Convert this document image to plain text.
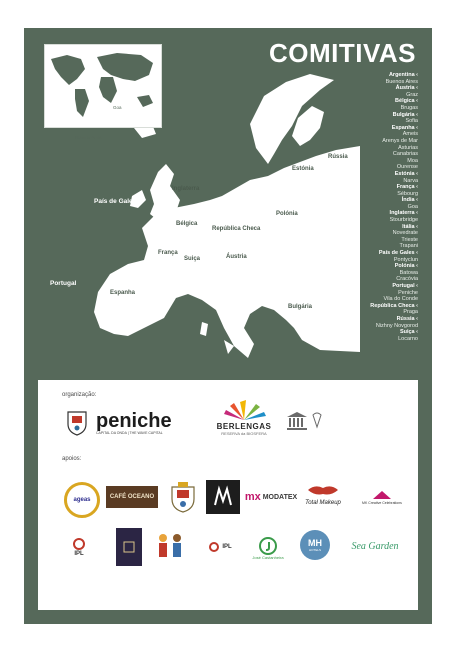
Goa
Buenos Aires
COMITIVAS
Inglaterra
País de Gales
Bélgica
República Checa
França
Suiça	Áustria
Portugal
Espanha	Itália
Polónia
Estónia
Rússia
Bulgária
Argentina ‹
Buenos Aires
Áustria ‹
Graz
Bélgica ‹
Brugas
Bulgária ‹
Sofia
Espanha ‹
Ameis
Arenys de Mar
Asturias
Canabrias
Moa
Ourense
Estónia ‹
Narva
França ‹
Sébourg
Índia ‹
Goa
Inglaterra ‹
Stourbridge
Itália ‹
Novedrate
Trieste
Trapani
País de Gales ‹
Pontyclun
Polónia ‹
Batowa
Cracóvia
Portugal ‹
Peniche
Vila do Conde
República Checa ‹
Praga
Rússia ‹
Nizhny Novgorod
Suiça ‹
Locarno
organização:
peniche
CAPITAL DA ONDA | THE WAVE CAPITAL
BERLENGAS
RESERVA da BIOSFERA
apoios:
ageas	CAFÉ OCEANO	mx MODATEX
Total Makeup	MK Creative Celebrations
IPL
IPL
José Castanheira
MH
HOTELS	Sea Garden
